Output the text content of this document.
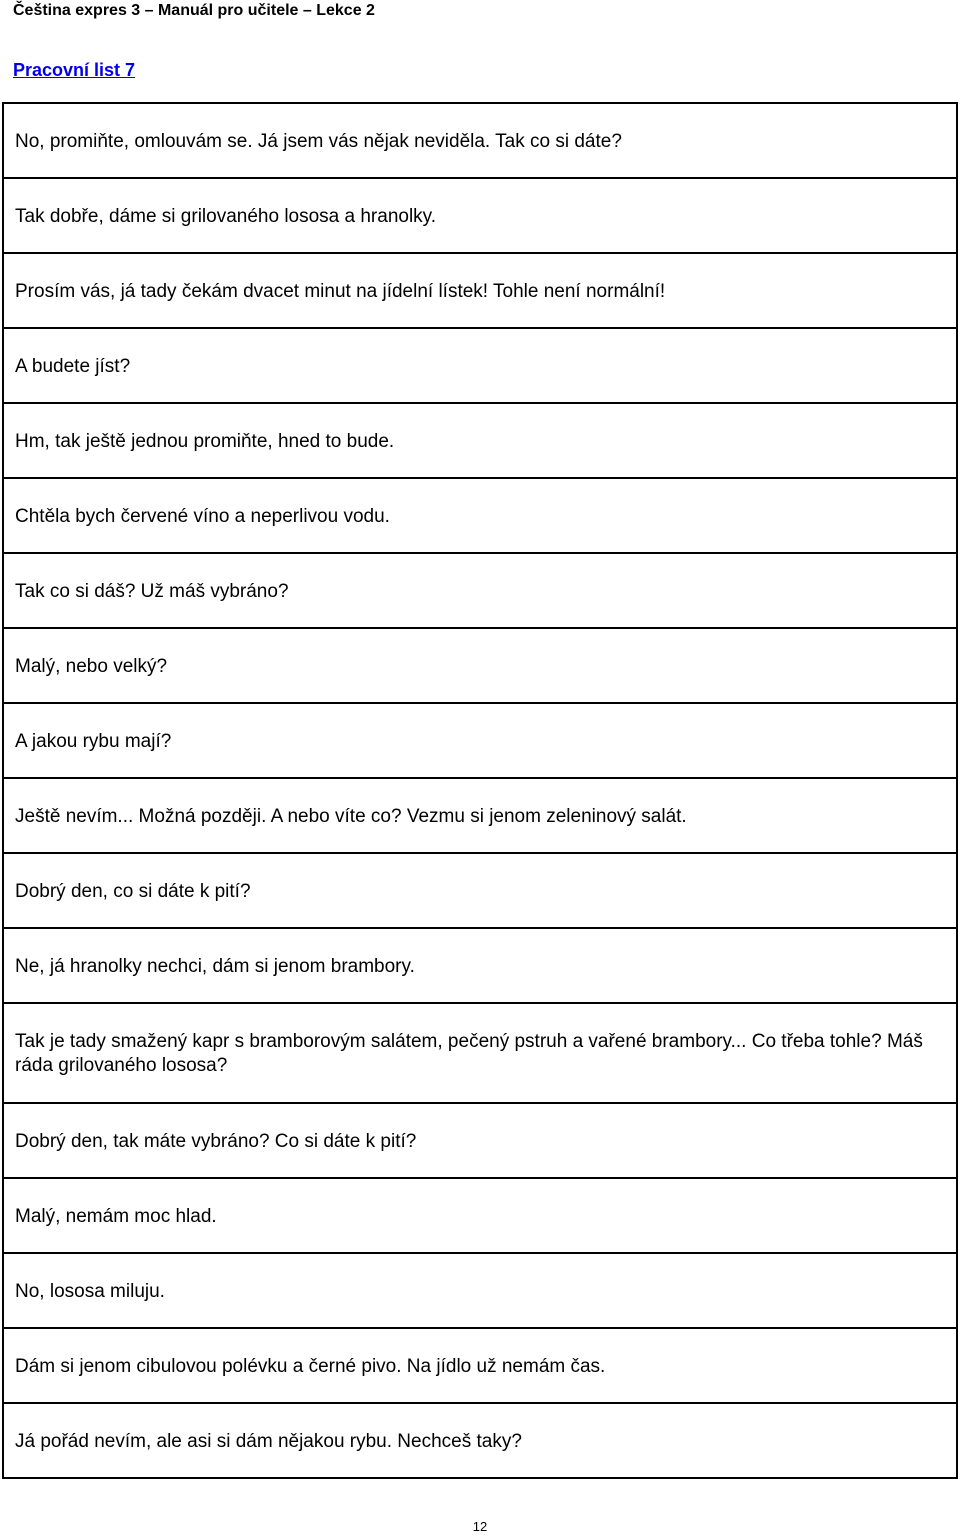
Čeština expres 3 – Manuál pro učitele – Lekce 2
Pracovní list 7
No, promiňte, omlouvám se. Já jsem vás nějak neviděla. Tak co si dáte?
Tak dobře, dáme si grilovaného lososa a hranolky.
Prosím vás, já tady čekám dvacet minut na jídelní lístek! Tohle není normální!
A budete jíst?
Hm, tak ještě jednou promiňte, hned to bude.
Chtěla bych červené víno a neperlivou vodu.
Tak co si dáš? Už máš vybráno?
Malý, nebo velký?
A jakou rybu mají?
Ještě nevím... Možná později. A nebo víte co? Vezmu si jenom zeleninový salát.
Dobrý den, co si dáte k pití?
Ne, já hranolky nechci, dám si jenom brambory.
Tak je tady smažený kapr s bramborovým salátem, pečený pstruh a vařené brambory... Co třeba tohle? Máš ráda grilovaného lososa?
Dobrý den, tak máte vybráno? Co si dáte k pití?
Malý, nemám moc hlad.
No, lososa miluju.
Dám si jenom cibulovou polévku a černé pivo. Na jídlo už nemám čas.
Já pořád nevím, ale asi si dám nějakou rybu. Nechceš taky?
12
